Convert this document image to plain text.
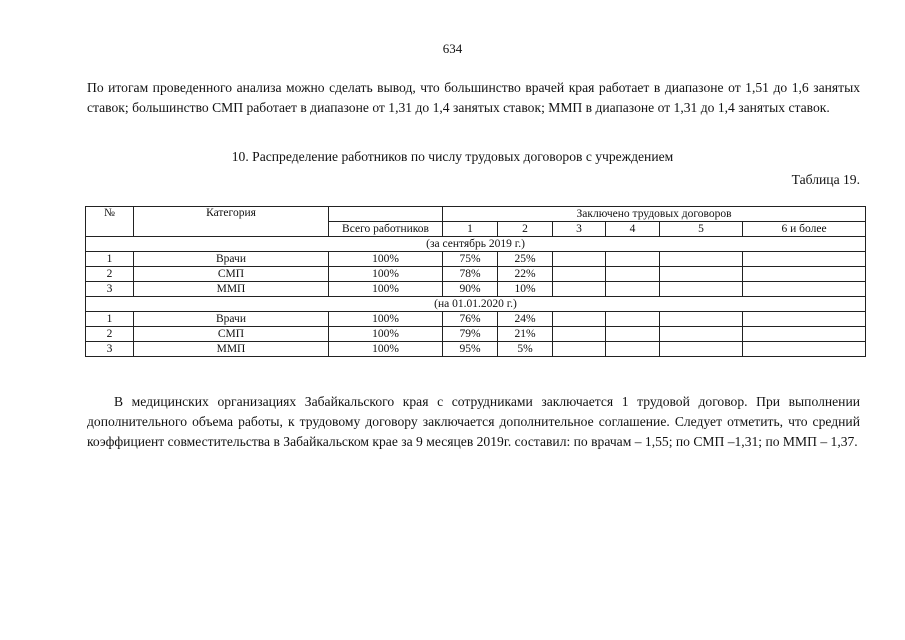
634

По итогам проведенного анализа можно сделать вывод, что большинство врачей края работает в диапазоне от 1,51 до 1,6 занятых ставок; большинство СМП работает в диапазоне от 1,31 до 1,4 занятых ставок; ММП в диапазоне от 1,31 до 1,4 занятых ставок.

10. Распределение работников по числу трудовых договоров с учреждением
Таблица 19.
№	Категория		Заключено трудовых договоров					
		Всего работников	1	2	3	4	5	6 и более
(за сентябрь 2019 г.)								
1	Врачи	100%	75%	25%				
2	СМП	100%	78%	22%				
3	ММП	100%	90%	10%				
(на 01.01.2020 г.)								
1	Врачи	100%	76%	24%				
2	СМП	100%	79%	21%				
3	ММП	100%	95%	5%				

В медицинских организациях Забайкальского края с сотрудниками заключается 1 трудовой договор. При выполнении дополнительного объема работы, к трудовому договору заключается дополнительное соглашение. Следует отметить, что средний коэффициент совместительства в Забайкальском крае за 9 месяцев 2019г. составил: по врачам – 1,55; по СМП –1,31; по ММП – 1,37.
